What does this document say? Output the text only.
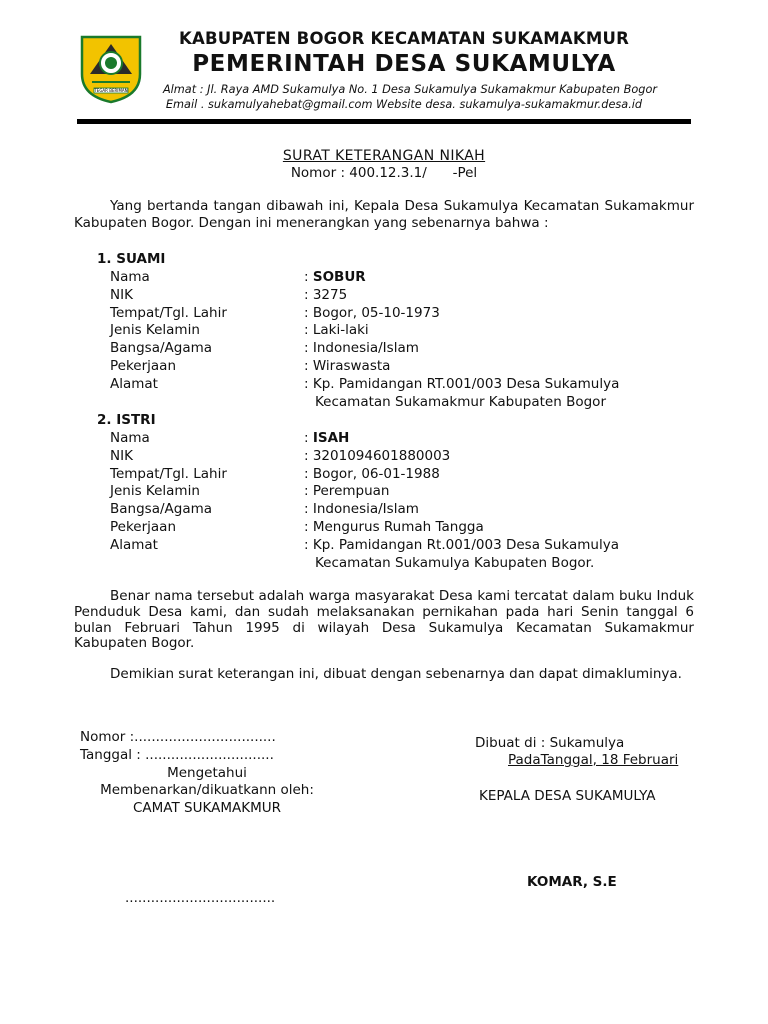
TEGAR BERIMAN
KABUPATEN BOGOR KECAMATAN SUKAMAKMUR
PEMERINTAH DESA SUKAMULYA
Almat : Jl. Raya AMD Sukamulya No. 1 Desa Sukamulya Sukamakmur Kabupaten Bogor
Email . sukamulyahebat@gmail.com Website desa. sukamulya-sukamakmur.desa.id
SURAT KETERANGAN NIKAH
Nomor : 400.12.3.1/      -Pel
Yang bertanda tangan dibawah ini, Kepala Desa Sukamulya Kecamatan Sukamakmur Kabupaten Bogor. Dengan ini menerangkan yang sebenarnya bahwa :
1. SUAMI
Nama	: SOBUR
NIK	: 3275
Tempat/Tgl. Lahir	: Bogor, 05-10-1973
Jenis Kelamin	: Laki-laki
Bangsa/Agama	: Indonesia/Islam
Pekerjaan	: Wiraswasta
Alamat	: Kp. Pamidangan RT.001/003 Desa Sukamulya
Kecamatan Sukamakmur Kabupaten Bogor
2. ISTRI
Nama	: ISAH
NIK	: 3201094601880003
Tempat/Tgl. Lahir	: Bogor, 06-01-1988
Jenis Kelamin	: Perempuan
Bangsa/Agama	: Indonesia/Islam
Pekerjaan	: Mengurus Rumah Tangga
Alamat	: Kp. Pamidangan Rt.001/003 Desa Sukamulya
Kecamatan Sukamulya Kabupaten Bogor.
Benar nama tersebut adalah warga masyarakat Desa kami tercatat dalam buku Induk Penduduk Desa kami, dan sudah melaksanakan pernikahan pada hari Senin tanggal 6 bulan Februari Tahun 1995 di wilayah Desa Sukamulya Kecamatan Sukamakmur Kabupaten Bogor.
Demikian surat keterangan ini, dibuat dengan sebenarnya dan dapat dimakluminya.
Nomor :.................................
Tanggal : ..............................
Mengetahui
Membenarkan/dikuatkann oleh:
CAMAT SUKAMAKMUR
...................................
Dibuat di : Sukamulya
PadaTanggal, 18 Februari
KEPALA DESA SUKAMULYA
KOMAR, S.E
